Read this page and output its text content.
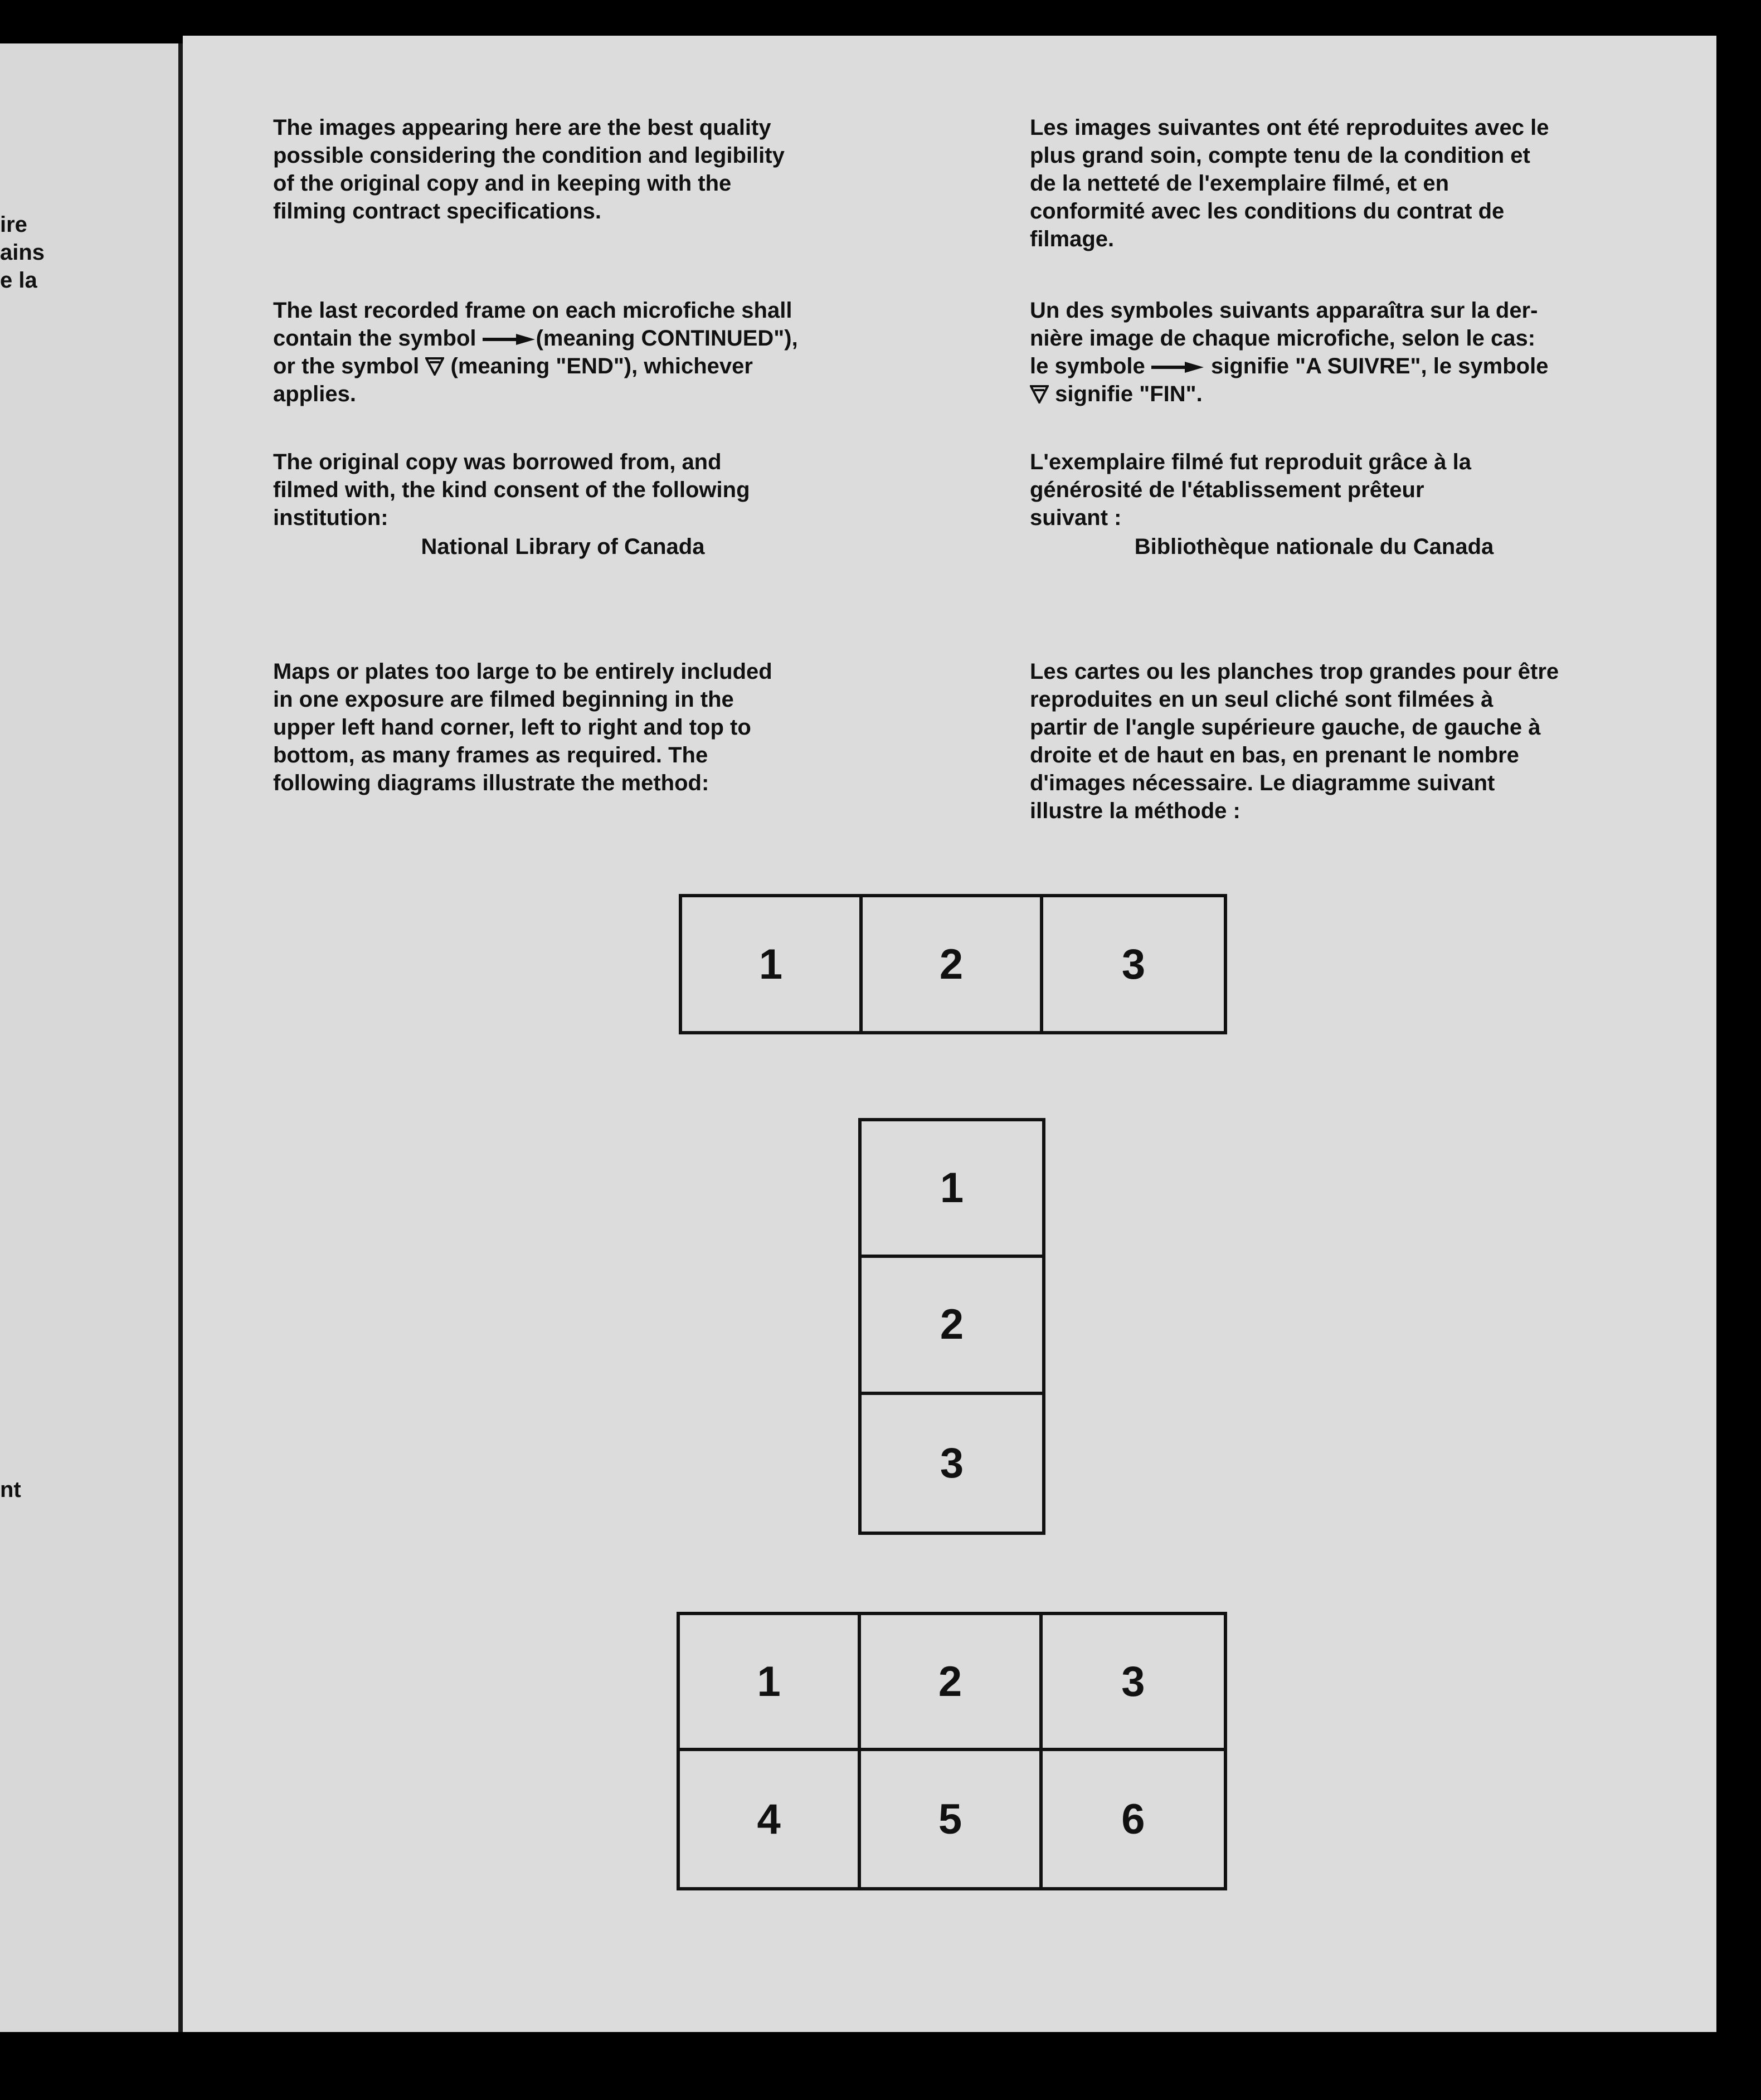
ire
ains
e la
nt

The images appearing here are the best quality
possible considering the condition and legibility
of the original copy and in keeping with the
filming contract specifications.

The last recorded frame on each microfiche shall
contain the symbol	(meaning CONTINUED"),
or the symbol  (meaning "END"), whichever
applies.

The original copy was borrowed from, and
filmed with, the kind consent of the following
institution:

National Library of Canada

Maps or plates too large to be entirely included
in one exposure are filmed beginning in the
upper left hand corner, left to right and top to
bottom, as many frames as required. The
following diagrams illustrate the method:

Les images suivantes ont été reproduites avec le
plus grand soin, compte tenu de la condition et
de la netteté de l'exemplaire filmé, et en
conformité avec les conditions du contrat de
filmage.

Un des symboles suivants apparaîtra sur la der-
nière image de chaque microfiche, selon le cas:
le symbole	signifie "A SUIVRE", le symbole
signifie "FIN".

L'exemplaire filmé fut reproduit grâce à la
générosité de l'établissement prêteur
suivant :

Bibliothèque nationale du Canada

Les cartes ou les planches trop grandes pour être
reproduites en un seul cliché sont filmées à
partir de l'angle supérieure gauche, de gauche à
droite et de haut en bas, en prenant le nombre
d'images nécessaire. Le diagramme suivant
illustre la méthode :

1	2	3
1
2
3
1	2	3
4	5	6
